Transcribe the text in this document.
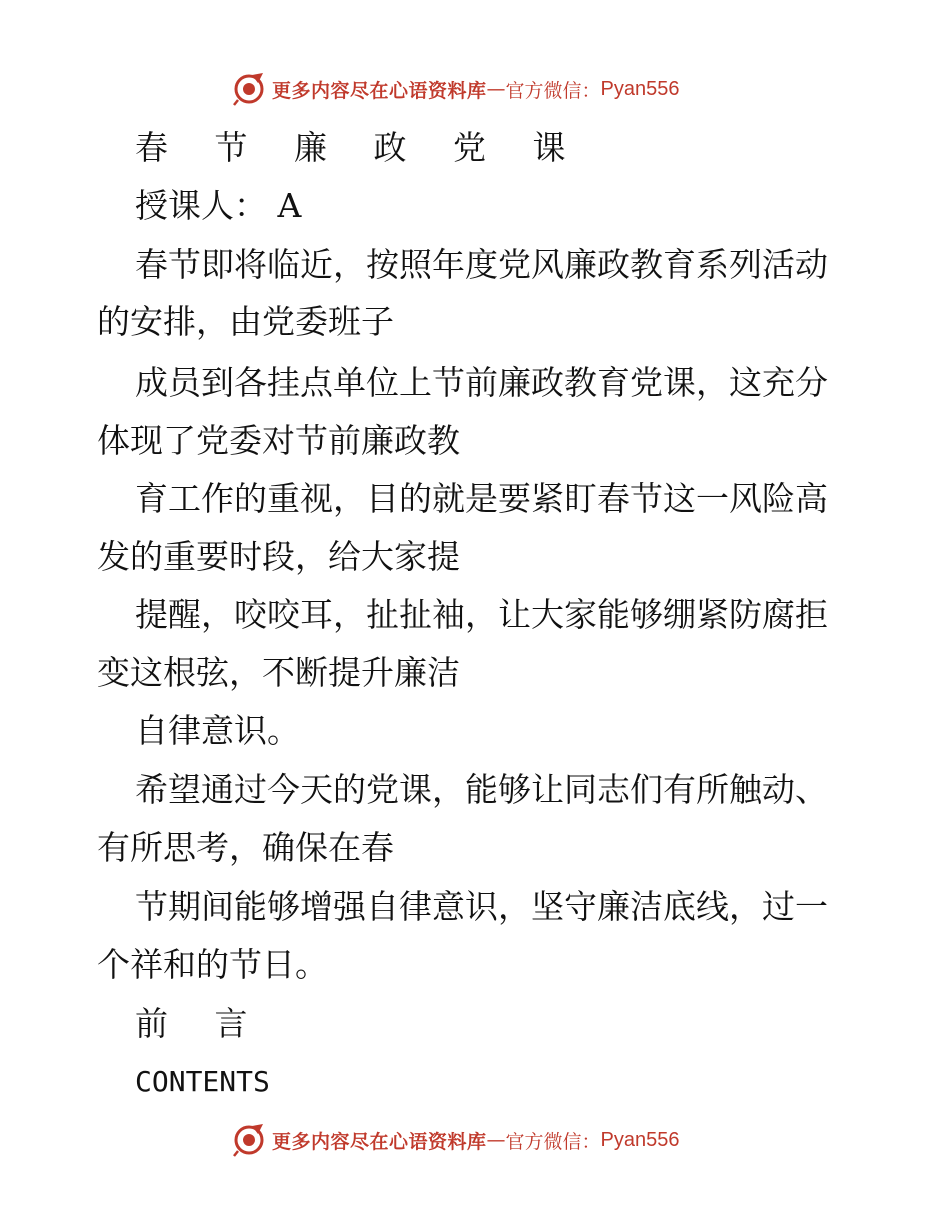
更多内容尽在心语资料库 — 官方微信： Pyan556
春 节 廉 政 党 课
授课人： A
春节即将临近，按照年度党风廉政教育系列活动
的安排，由党委班子
成员到各挂点单位上节前廉政教育党课，这充分
体现了党委对节前廉政教
育工作的重视，目的就是要紧盯春节这一风险高
发的重要时段，给大家提
提醒，咬咬耳，扯扯袖，让大家能够绷紧防腐拒
变这根弦，不断提升廉洁
自律意识。
希望通过今天的党课，能够让同志们有所触动、
有所思考，确保在春
节期间能够增强自律意识，坚守廉洁底线，过一
个祥和的节日。
前 言
CONTENTS
更多内容尽在心语资料库 — 官方微信： Pyan556
